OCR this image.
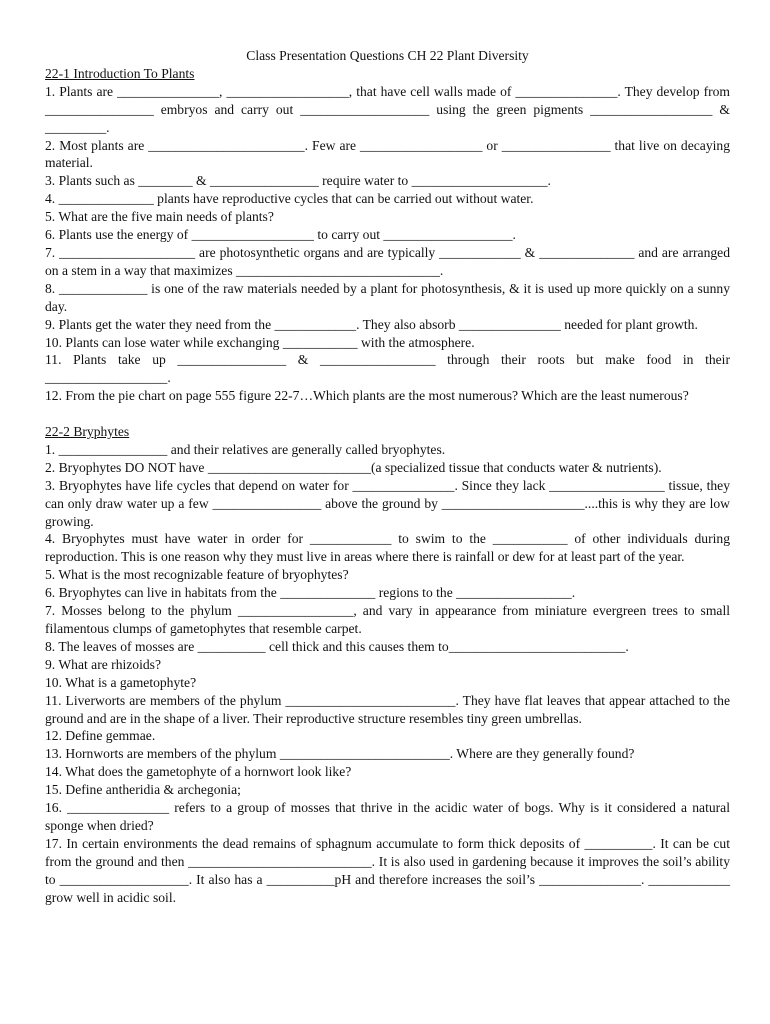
Class Presentation Questions CH 22 Plant Diversity
22-1 Introduction To Plants
1. Plants are _______________, __________________, that have cell walls made of _______________. They develop from ________________ embryos and carry out ___________________ using the green pigments __________________ & _________.
2. Most plants are _______________________. Few are __________________ or ________________ that live on decaying material.
3. Plants such as ________ & ________________ require water to ____________________.
4. ______________ plants have reproductive cycles that can be carried out without water.
5. What are the five main needs of plants?
6. Plants use the energy of __________________ to carry out ___________________.
7. ____________________ are photosynthetic organs and are typically ____________ & ______________ and are arranged on a stem in a way that maximizes ______________________________.
8. _____________ is one of the raw materials needed by a plant for photosynthesis, & it is used up more quickly on a sunny day.
9. Plants get the water they need from the ____________. They also absorb _______________ needed for plant growth.
10. Plants can lose water while exchanging ___________ with the atmosphere.
11. Plants take up ________________ & _________________ through their roots but make food in their __________________.
12. From the pie chart on page 555 figure 22-7…Which plants are the most numerous? Which are the least numerous?
22-2 Bryphytes
1. ________________ and their relatives are generally called bryophytes.
2. Bryophytes DO NOT have ________________________(a specialized tissue that conducts water & nutrients).
3. Bryophytes have life cycles that depend on water for _______________. Since they lack _________________ tissue, they can only draw water up a few ________________ above the ground by _____________________....this is why they are low growing.
4. Bryophytes must have water in order for ____________ to swim to the ___________ of other individuals during reproduction. This is one reason why they must live in areas where there is rainfall or dew for at least part of the year.
5. What is the most recognizable feature of bryophytes?
6. Bryophytes can live in habitats from the ______________ regions to the _________________.
7. Mosses belong to the phylum _________________, and vary in appearance from miniature evergreen trees to small filamentous clumps of gametophytes that resemble carpet.
8. The leaves of mosses are __________ cell thick and this causes them to__________________________.
9. What are rhizoids?
10. What is a gametophyte?
11. Liverworts are members of the phylum _________________________. They have flat leaves that appear attached to the ground and are in the shape of a liver. Their reproductive structure resembles tiny green umbrellas.
12. Define gemmae.
13. Hornworts are members of the phylum _________________________. Where are they generally found?
14. What does the gametophyte of a hornwort look like?
15. Define antheridia & archegonia;
16. _______________ refers to a group of mosses that thrive in the acidic water of bogs. Why is it considered a natural sponge when dried?
17. In certain environments the dead remains of sphagnum accumulate to form thick deposits of __________. It can be cut from the ground and then ___________________________. It is also used in gardening because it improves the soil’s ability to ___________________. It also has a __________pH and therefore increases the soil’s _______________. ____________ grow well in acidic soil.
